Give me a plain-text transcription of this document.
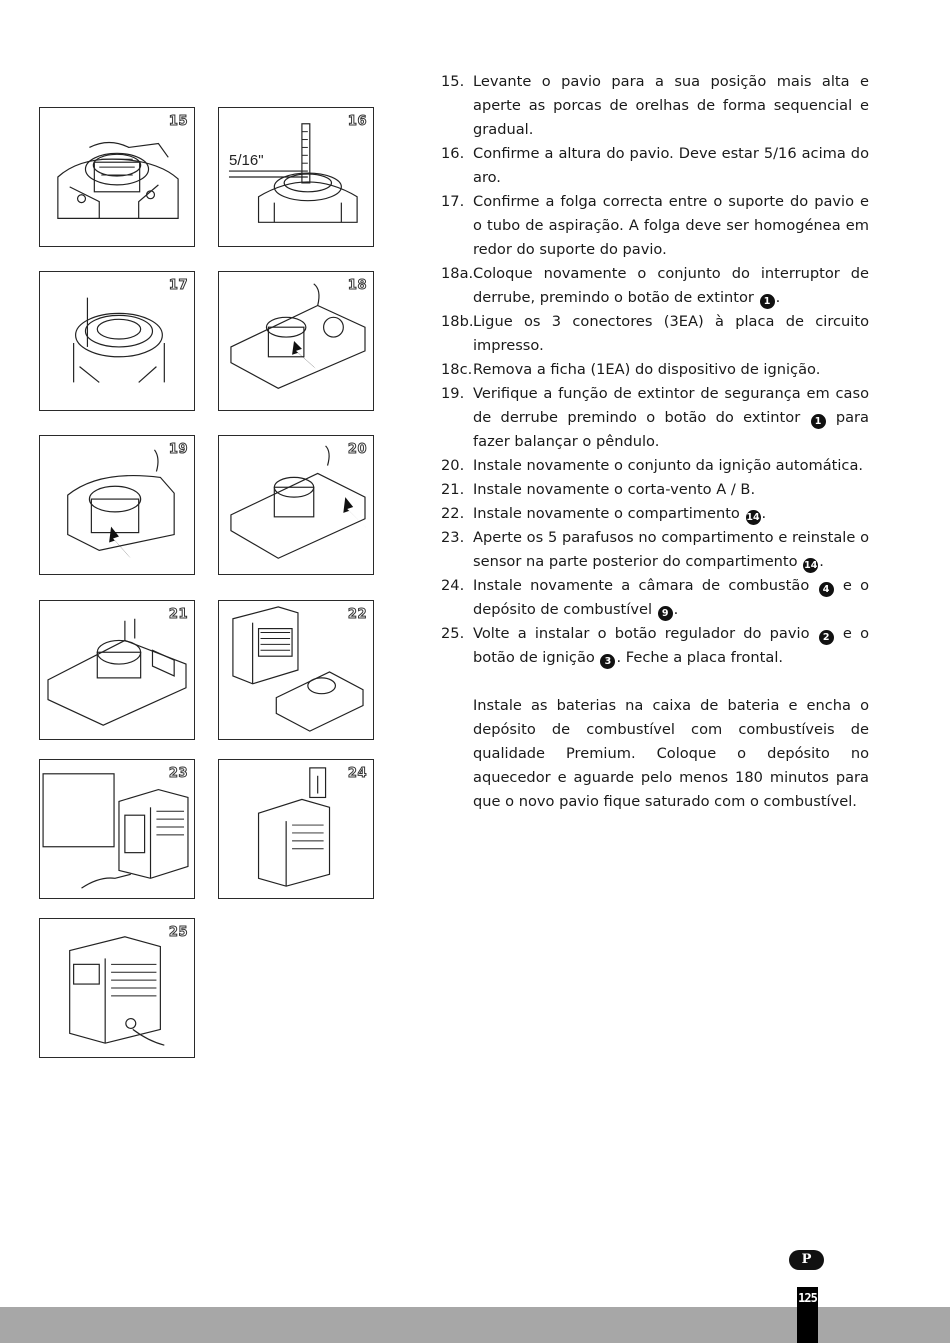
15
5/16"
16
17	18
19	20
21	22
23	24
25
15. Levante o pavio para a sua posição mais alta e aperte as porcas de orelhas de forma sequencial e gradual.
16. Confirme a altura do pavio. Deve estar 5/16 acima do aro.
17. Confirme a folga correcta entre o suporte do pavio e o tubo de aspiração. A folga deve ser homogénea em redor do suporte do pavio.
18a. Coloque novamente o conjunto do interruptor de derrube, premindo o botão de extintor 1 .
18b. Ligue os 3 conectores (3EA) à placa de circuito impresso.
18c. Remova a ficha (1EA) do dispositivo de ignição.
19. Verifique a função de extintor de segurança em caso de derrube premindo o botão do extintor 1 para fazer balançar o pêndulo.
20. Instale novamente o conjunto da ignição automática.
21. Instale novamente o corta-vento A / B.
22. Instale novamente o compartimento 14 .
23. Aperte os 5 parafusos no compartimento e reinstale o sensor na parte posterior do compartimento 14 .
24. Instale novamente a câmara de combustão 4 e o depósito de combustível 9 .
25. Volte a instalar o botão regulador do pavio 2 e o botão de ignição 3 . Feche a placa frontal.
Instale as baterias na caixa de bateria e encha o depósito de combustível com combustíveis de qualidade Premium. Coloque o depósito no aquecedor e aguarde pelo menos 180 minutos para que o novo pavio fique saturado com o combustível.
P
125
